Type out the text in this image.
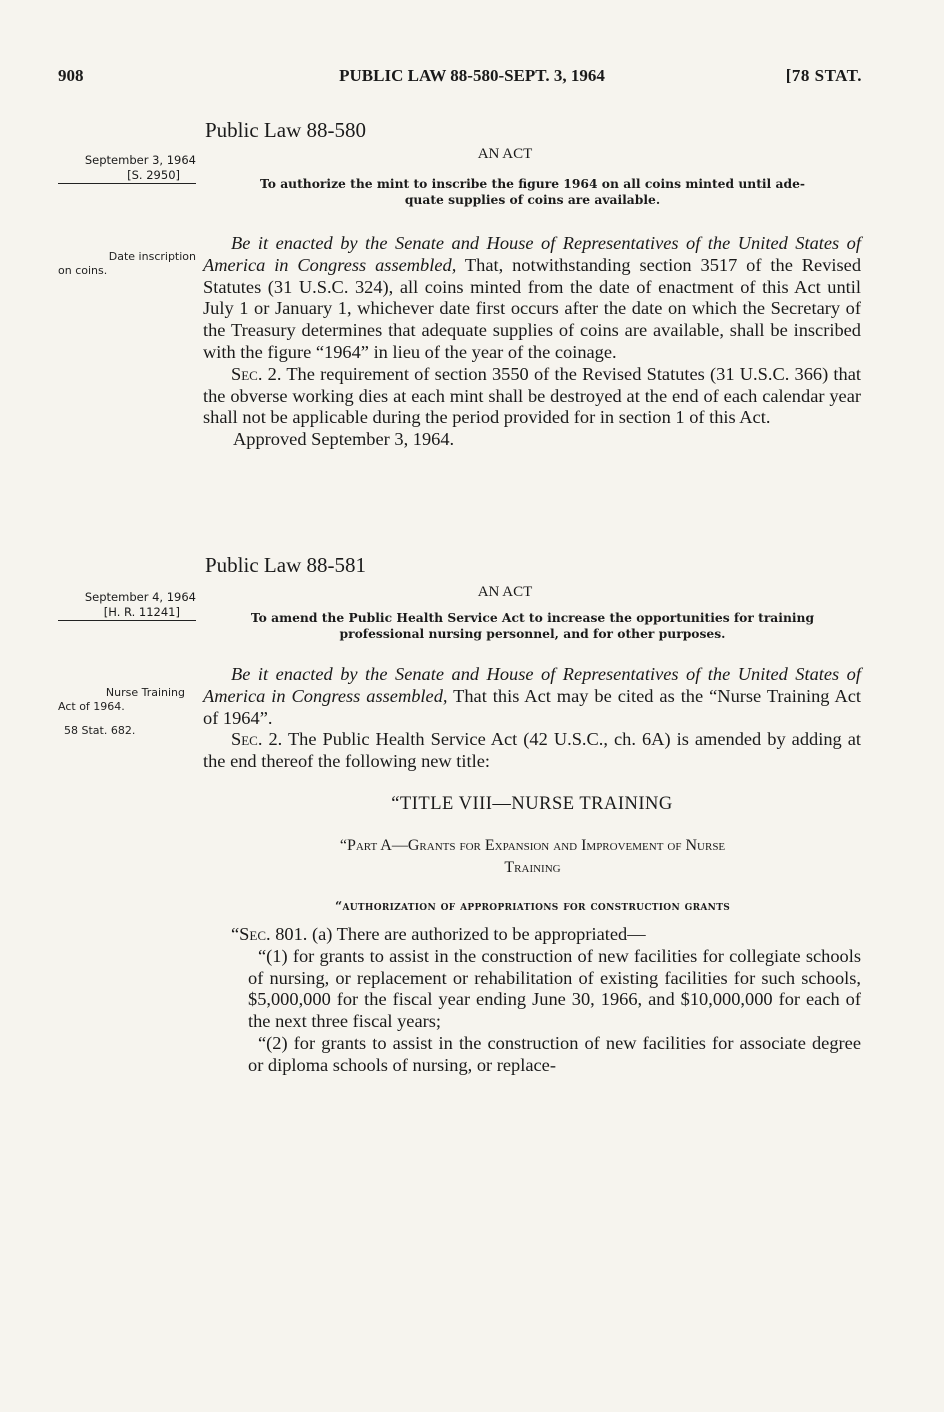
908	PUBLIC LAW 88-580-SEPT. 3, 1964	[78 STAT.
Public Law 88-580
AN ACT
September 3, 1964
[S. 2950]
To authorize the mint to inscribe the figure 1964 on all coins minted until ade-
quate supplies of coins are available.
Date inscription
on coins.

Be it enacted by the Senate and House of Representatives of the United States of America in Congress assembled, That, notwithstanding section 3517 of the Revised Statutes (31 U.S.C. 324), all coins minted from the date of enactment of this Act until July 1 or January 1, whichever date first occurs after the date on which the Secretary of the Treasury determines that adequate supplies of coins are available, shall be inscribed with the figure “1964” in lieu of the year of the coinage.

Sec. 2. The requirement of section 3550 of the Revised Statutes (31 U.S.C. 366) that the obverse working dies at each mint shall be destroyed at the end of each calendar year shall not be applicable during the period provided for in section 1 of this Act.

Approved September 3, 1964.

Public Law 88-581
AN ACT
September 4, 1964
[H. R. 11241]	To amend the Public Health Service Act to increase the opportunities for training
professional nursing personnel, and for other purposes.
Nurse Training
Act of 1964.
58 Stat. 682.

Be it enacted by the Senate and House of Representatives of the United States of America in Congress assembled, That this Act may be cited as the “Nurse Training Act of 1964”.

Sec. 2. The Public Health Service Act (42 U.S.C., ch. 6A) is amended by adding at the end thereof the following new title:

“TITLE VIII—NURSE TRAINING
“Part A—Grants for Expansion and Improvement of Nurse
Training
“authorization of appropriations for construction grants

“Sec. 801. (a) There are authorized to be appropriated—

“(1) for grants to assist in the construction of new facilities for collegiate schools of nursing, or replacement or rehabilitation of existing facilities for such schools, $5,000,000 for the fiscal year ending June 30, 1966, and $10,000,000 for each of the next three fiscal years;

“(2) for grants to assist in the construction of new facilities for associate degree or diploma schools of nursing, or replace-
